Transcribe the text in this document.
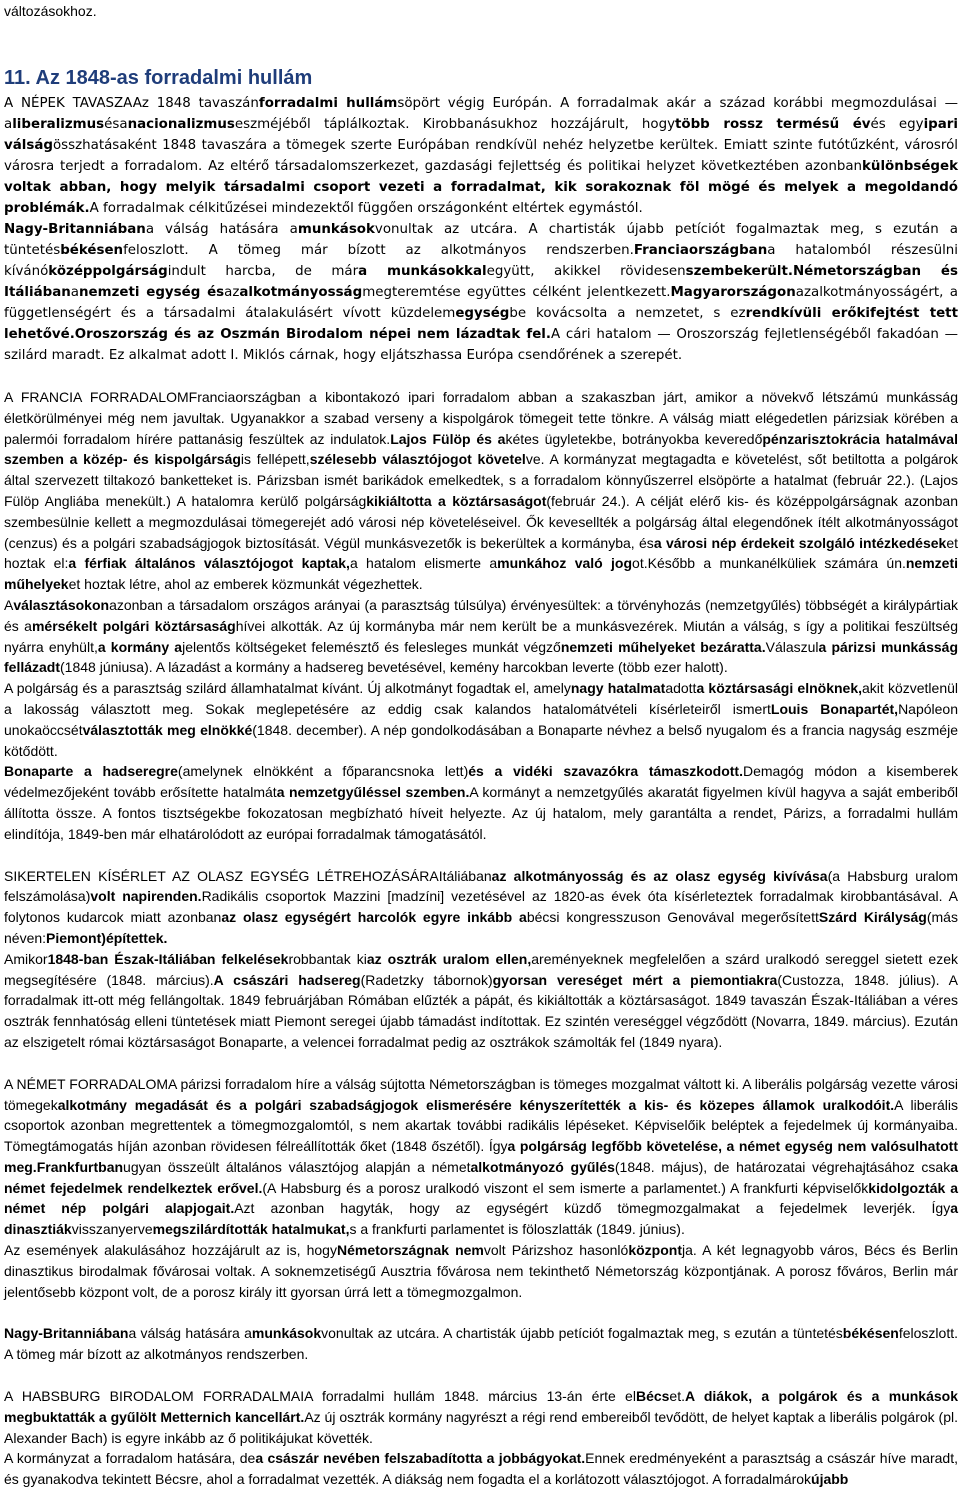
változásokhoz.

11. Az 1848-as forradalmi hullám

A NÉPEK TAVASZAAz 1848 tavaszánforradalmi hullámsöpört végig Európán. A forradalmak akár a század korábbi megmozdulásai — aliberalizmusésanacionalizmuseszméjéből táplálkoztak. Kirobbanásukhoz hozzájárult, hogytöbb rossz termésű évés egyipari válságösszhatásaként 1848 tavaszára a tömegek szerte Európában rendkívül nehéz helyzetbe kerültek. Emiatt szinte futótűzként, városról városra terjedt a forradalom. Az eltérő társadalomszerkezet, gazdasági fejlettség és politikai helyzet következtében azonbankülönbségek voltak abban, hogy melyik társadalmi csoport vezeti a forradalmat, kik sorakoznak föl mögé és melyek a megoldandó problémák.A forradalmak célkitűzései mindezektől függően országonként eltértek egymástól.

Nagy-Britanniábana válság hatására amunkásokvonultak az utcára. A chartisták újabb petíciót fogalmaztak meg, s ezután a tüntetésbékésenfeloszlott. A tömeg már bízott az alkotmányos rendszerben.Franciaországbana hatalomból részesülni kívánóközéppolgárságindult harcba, de mára munkásokkalegyütt, akikkel rövidesenszembekerült.Németországban és Itáliábananemzeti egység ésazalkotmányosságmegteremtése együttes célként jelentkezett.Magyarországonazalkotmányosságért, a függetlenségért és a társadalmi átalakulásért vívott küzdelemegységbe kovácsolta a nemzetet, s ezrendkívüli erőkifejtést tett lehetővé.Oroszország és az Oszmán Birodalom népei nem lázadtak fel.A cári hatalom — Oroszország fejletlenségéből fakadóan — szilárd maradt. Ez alkalmat adott I. Miklós cárnak, hogy eljátszhassa Európa csendőrének a szerepét.

A FRANCIA FORRADALOMFranciaországban a kibontakozó ipari forradalom abban a szakaszban járt, amikor a növekvő létszámú munkásság életkörülményei még nem javultak. Ugyanakkor a szabad verseny a kispolgárok tömegeit tette tönkre. A válság miatt elégedetlen párizsiak körében a palermói forradalom hírére pattanásig feszültek az indulatok.Lajos Fülöp és akétes ügyletekbe, botrányokba keveredőpénzarisztokrácia hatalmával szemben a közép- és kispolgárságis fellépett,szélesebb választójogot követelve. A kormányzat megtagadta e követelést, sőt betiltotta a polgárok által szervezett tiltakozó banketteket is. Párizsban ismét barikádok emelkedtek, s a forradalom könnyűszerrel elsöpörte a hatalmat (február 22.). (Lajos Fülöp Angliába menekült.) A hatalomra kerülő polgárságkikiáltotta a köztársaságot(február 24.). A célját elérő kis- és középpolgárságnak azonban szembesülnie kellett a megmozdulásai tömegerejét adó városi nép követeléseivel. Ők kevesellték a polgárság által elegendőnek ítélt alkotmányosságot (cenzus) és a polgári szabadságjogok biztosítását. Végül munkásvezetők is bekerültek a kormányba, ésa városi nép érdekeit szolgáló intézkedéseket hoztak el:a férfiak általános választójogot kaptak,a hatalom elismerte amunkához való jogot.Később a munkanélküliek számára ún.nemzeti műhelyeket hoztak létre, ahol az emberek közmunkát végezhettek.

Aválasztásokonazonban a társadalom országos arányai (a parasztság túlsúlya) érvényesültek: a törvényhozás (nemzetgyűlés) többségét a királypártiak és amérsékelt polgári köztársasághívei alkották. Az új kormányba már nem került be a munkásvezérek. Miután a válság, s így a politikai feszültség nyárra enyhült,a kormány ajelentős költségeket felemésztő és felesleges munkát végzőnemzeti műhelyeket bezáratta.Válaszula párizsi munkásság fellázadt(1848 júniusa). A lázadást a kormány a hadsereg bevetésével, kemény harcokban leverte (több ezer halott).

A polgárság és a parasztság szilárd államhatalmat kívánt. Új alkotmányt fogadtak el, amelynagy hatalmatadotta köztársasági elnöknek,akit közvetlenül a lakosság választott meg. Sokak meglepetésére az eddig csak kalandos hatalomátvételi kísérleteiről ismertLouis Bonapartét,Napóleon unokaöccsétválasztották meg elnökké(1848. december). A nép gondolkodásában a Bonaparte névhez a belső nyugalom és a francia nagyság eszméje kötődött.

Bonaparte a hadseregre(amelynek elnökként a főparancsnoka lett)és a vidéki szavazókra támaszkodott.Demagóg módon a kisemberek védelmezőjeként tovább erősítette hatalmáta nemzetgyűléssel szemben.A kormányt a nemzetgyűlés akaratát figyelmen kívül hagyva a saját emberiből állította össze. A fontos tisztségekbe fokozatosan megbízható híveit helyezte. Az új hatalom, mely garantálta a rendet, Párizs, a forradalmi hullám elindítója, 1849-ben már elhatárolódott az európai forradalmak támogatásától.

SIKERTELEN KÍSÉRLET AZ OLASZ EGYSÉG LÉTREHOZÁSÁRAItáliábanaz alkotmányosság és az olasz egység kivívása(a Habsburg uralom felszámolása)volt napirenden.Radikális csoportok Mazzini [madzíni] vezetésével az 1820-as évek óta kísérleteztek forradalmak kirobbantásával. A folytonos kudarcok miatt azonbanaz olasz egységért harcolók egyre inkább abécsi kongresszuson Genovával megerősítettSzárd Királyság(más néven:Piemont)építettek.

Amikor1848-ban Észak-Itáliában felkelésekrobbantak kiaz osztrák uralom ellen,areményeknek megfelelően a szárd uralkodó sereggel sietett ezek megsegítésére (1848. március).A császári hadsereg(Radetzky tábornok)gyorsan vereséget mért a piemontiakra(Custozza, 1848. július). A forradalmak itt-ott még fellángoltak. 1849 februárjában Rómában elűzték a pápát, és kikiáltották a köztársaságot. 1849 tavaszán Észak-Itáliában a véres osztrák fennhatóság elleni tüntetések miatt Piemont seregei újabb támadást indítottak. Ez szintén vereséggel végződött (Novarra, 1849. március). Ezután az elszigetelt római köztársaságot Bonaparte, a velencei forradalmat pedig az osztrákok számolták fel (1849 nyara).

A NÉMET FORRADALOMA párizsi forradalom híre a válság sújtotta Németországban is tömeges mozgalmat váltott ki. A liberális polgárság vezette városi tömegekalkotmány megadását és a polgári szabadságjogok elismerésére kényszerítették a kis- és közepes államok uralkodóit.A liberális csoportok azonban megrettentek a tömegmozgalomtól, s nem akartak további radikális lépéseket. Képviselőik beléptek a fejedelmek új kormányaiba. Tömegtámogatás híján azonban rövidesen félreállították őket (1848 őszétől). Ígya polgárság legfőbb követelése, a német egység nem valósulhatott meg.Frankfurtbanugyan összeült általános választójog alapján a németalkotmányozó gyűlés(1848. május), de határozatai végrehajtásához csaka német fejedelmek rendelkeztek erővel.(A Habsburg és a porosz uralkodó viszont el sem ismerte a parlamentet.) A frankfurti képviselőkkidolgozták a német nép polgári alapjogait.Azt azonban hagyták, hogy az egységért küzdő tömegmozgalmakat a fejedelmek leverjék. Ígya dinasztiákvisszanyervemegszilárdították hatalmukat,s a frankfurti parlamentet is föloszlatták (1849. június).

Az események alakulásához hozzájárult az is, hogyNémetországnak nemvolt Párizshoz hasonlóközpontja. A két legnagyobb város, Bécs és Berlin dinasztikus birodalmak fővárosai voltak. A soknemzetiségű Ausztria fővárosa nem tekinthető Németország központjának. A porosz főváros, Berlin már jelentősebb központ volt, de a porosz király itt gyorsan úrrá lett a tömegmozgalmon.

Nagy-Britanniábana válság hatására amunkásokvonultak az utcára. A chartisták újabb petíciót fogalmaztak meg, s ezután a tüntetésbékésenfeloszlott. A tömeg már bízott az alkotmányos rendszerben.

A HABSBURG BIRODALOM FORRADALMAIA forradalmi hullám 1848. március 13-án érte elBécset.A diákok, a polgárok és a munkások megbuktatták a gyűlölt Metternich kancellárt.Az új osztrák kormány nagyrészt a régi rend embereiből tevődött, de helyet kaptak a liberális polgárok (pl. Alexander Bach) is egyre inkább az ő politikájukat követték.

A kormányzat a forradalom hatására, dea császár nevében felszabadította a jobbágyokat.Ennek eredményeként a parasztság a császár híve maradt, és gyanakodva tekintett Bécsre, ahol a forradalmat vezették. A diákság nem fogadta el a korlátozott választójogot. A forradalmárokújabb
